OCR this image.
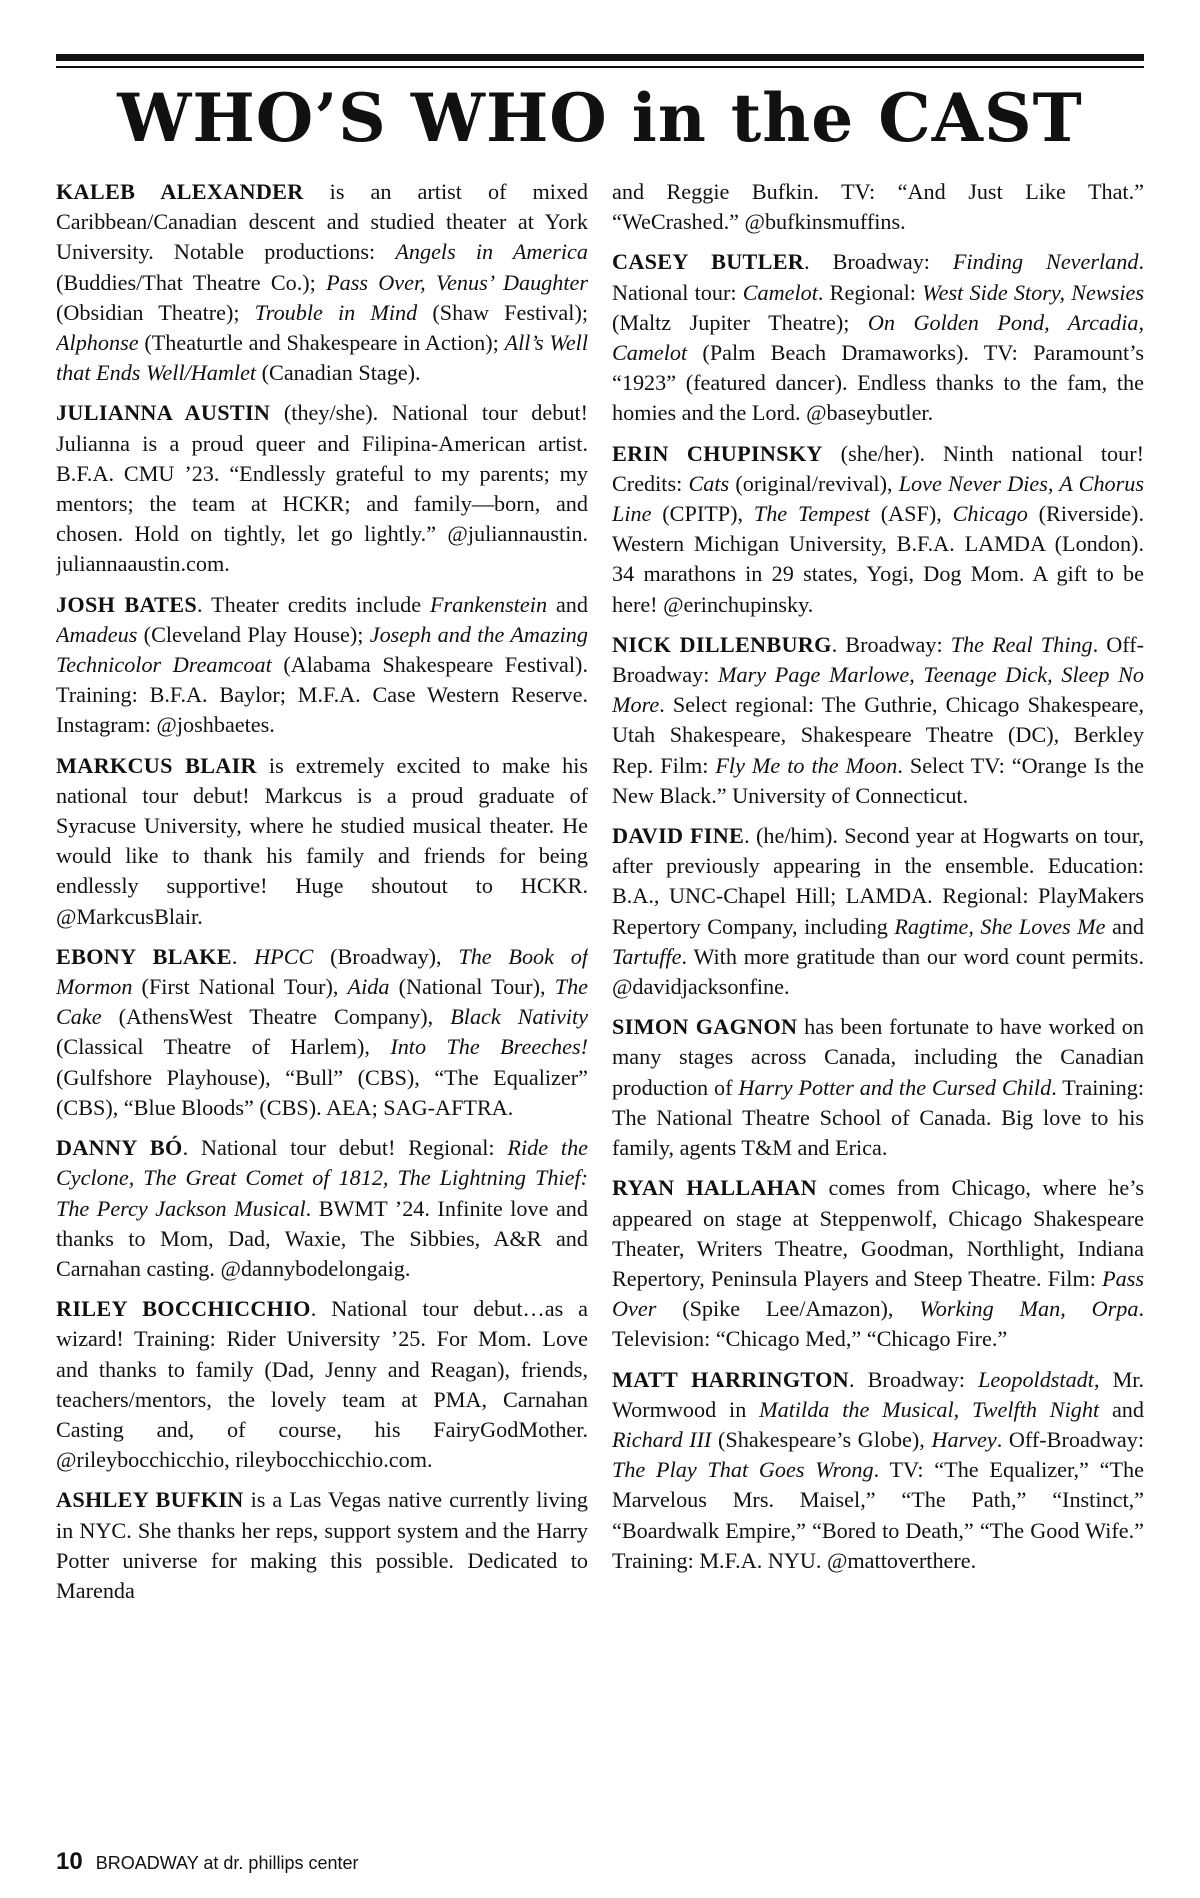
WHO’S WHO in the CAST

KALEB ALEXANDER is an artist of mixed Caribbean/Canadian descent and studied theater at York University. Notable productions: Angels in America (Buddies/That Theatre Co.); Pass Over, Venus’ Daughter (Obsidian Theatre); Trouble in Mind (Shaw Festival); Alphonse (Theaturtle and Shakespeare in Action); All’s Well that Ends Well/Hamlet (Canadian Stage).

JULIANNA AUSTIN (they/she). National tour debut! Julianna is a proud queer and Filipina-American artist. B.F.A. CMU ’23. “Endlessly grateful to my parents; my mentors; the team at HCKR; and family—born, and chosen. Hold on tightly, let go lightly.” @juliannaustin. juliannaaustin.com.

JOSH BATES. Theater credits include Frankenstein and Amadeus (Cleveland Play House); Joseph and the Amazing Technicolor Dreamcoat (Alabama Shakespeare Festival). Training: B.F.A. Baylor; M.F.A. Case Western Reserve. Instagram: @joshbaetes.

MARKCUS BLAIR is extremely excited to make his national tour debut! Markcus is a proud graduate of Syracuse University, where he studied musical theater. He would like to thank his family and friends for being endlessly supportive! Huge shoutout to HCKR. @MarkcusBlair.

EBONY BLAKE. HPCC (Broadway), The Book of Mormon (First National Tour), Aida (National Tour), The Cake (AthensWest Theatre Company), Black Nativity (Classical Theatre of Harlem), Into The Breeches! (Gulfshore Playhouse), “Bull” (CBS), “The Equalizer” (CBS), “Blue Bloods” (CBS). AEA; SAG-AFTRA.

DANNY BÓ. National tour debut! Regional: Ride the Cyclone, The Great Comet of 1812, The Lightning Thief: The Percy Jackson Musical. BWMT ’24. Infinite love and thanks to Mom, Dad, Waxie, The Sibbies, A&R and Carnahan casting. @dannybodelongaig.

RILEY BOCCHICCHIO. National tour debut…as a wizard! Training: Rider University ’25. For Mom. Love and thanks to family (Dad, Jenny and Reagan), friends, teachers/mentors, the lovely team at PMA, Carnahan Casting and, of course, his FairyGodMother. @rileybocchicchio, rileybocchicchio.com.

ASHLEY BUFKIN is a Las Vegas native currently living in NYC. She thanks her reps, support system and the Harry Potter universe for making this possible. Dedicated to Marenda

and Reggie Bufkin. TV: “And Just Like That.” “WeCrashed.” @bufkinsmuffins.

CASEY BUTLER. Broadway: Finding Neverland. National tour: Camelot. Regional: West Side Story, Newsies (Maltz Jupiter Theatre); On Golden Pond, Arcadia, Camelot (Palm Beach Dramaworks). TV: Paramount’s “1923” (featured dancer). Endless thanks to the fam, the homies and the Lord. @baseybutler.

ERIN CHUPINSKY (she/her). Ninth national tour! Credits: Cats (original/revival), Love Never Dies, A Chorus Line (CPITP), The Tempest (ASF), Chicago (Riverside). Western Michigan University, B.F.A. LAMDA (London). 34 marathons in 29 states, Yogi, Dog Mom. A gift to be here! @erinchupinsky.

NICK DILLENBURG. Broadway: The Real Thing. Off-Broadway: Mary Page Marlowe, Teenage Dick, Sleep No More. Select regional: The Guthrie, Chicago Shakespeare, Utah Shakespeare, Shakespeare Theatre (DC), Berkley Rep. Film: Fly Me to the Moon. Select TV: “Orange Is the New Black.” University of Connecticut.

DAVID FINE. (he/him). Second year at Hogwarts on tour, after previously appearing in the ensemble. Education: B.A., UNC-Chapel Hill; LAMDA. Regional: PlayMakers Repertory Company, including Ragtime, She Loves Me and Tartuffe. With more gratitude than our word count permits. @davidjacksonfine.

SIMON GAGNON has been fortunate to have worked on many stages across Canada, including the Canadian production of Harry Potter and the Cursed Child. Training: The National Theatre School of Canada. Big love to his family, agents T&M and Erica.

RYAN HALLAHAN comes from Chicago, where he’s appeared on stage at Steppenwolf, Chicago Shakespeare Theater, Writers Theatre, Goodman, Northlight, Indiana Repertory, Peninsula Players and Steep Theatre. Film: Pass Over (Spike Lee/Amazon), Working Man, Orpa. Television: “Chicago Med,” “Chicago Fire.”

MATT HARRINGTON. Broadway: Leopoldstadt, Mr. Wormwood in Matilda the Musical, Twelfth Night and Richard III (Shakespeare’s Globe), Harvey. Off-Broadway: The Play That Goes Wrong. TV: “The Equalizer,” “The Marvelous Mrs. Maisel,” “The Path,” “Instinct,” “Boardwalk Empire,” “Bored to Death,” “The Good Wife.” Training: M.F.A. NYU. @mattoverthere.

10 BROADWAY at dr. phillips center
